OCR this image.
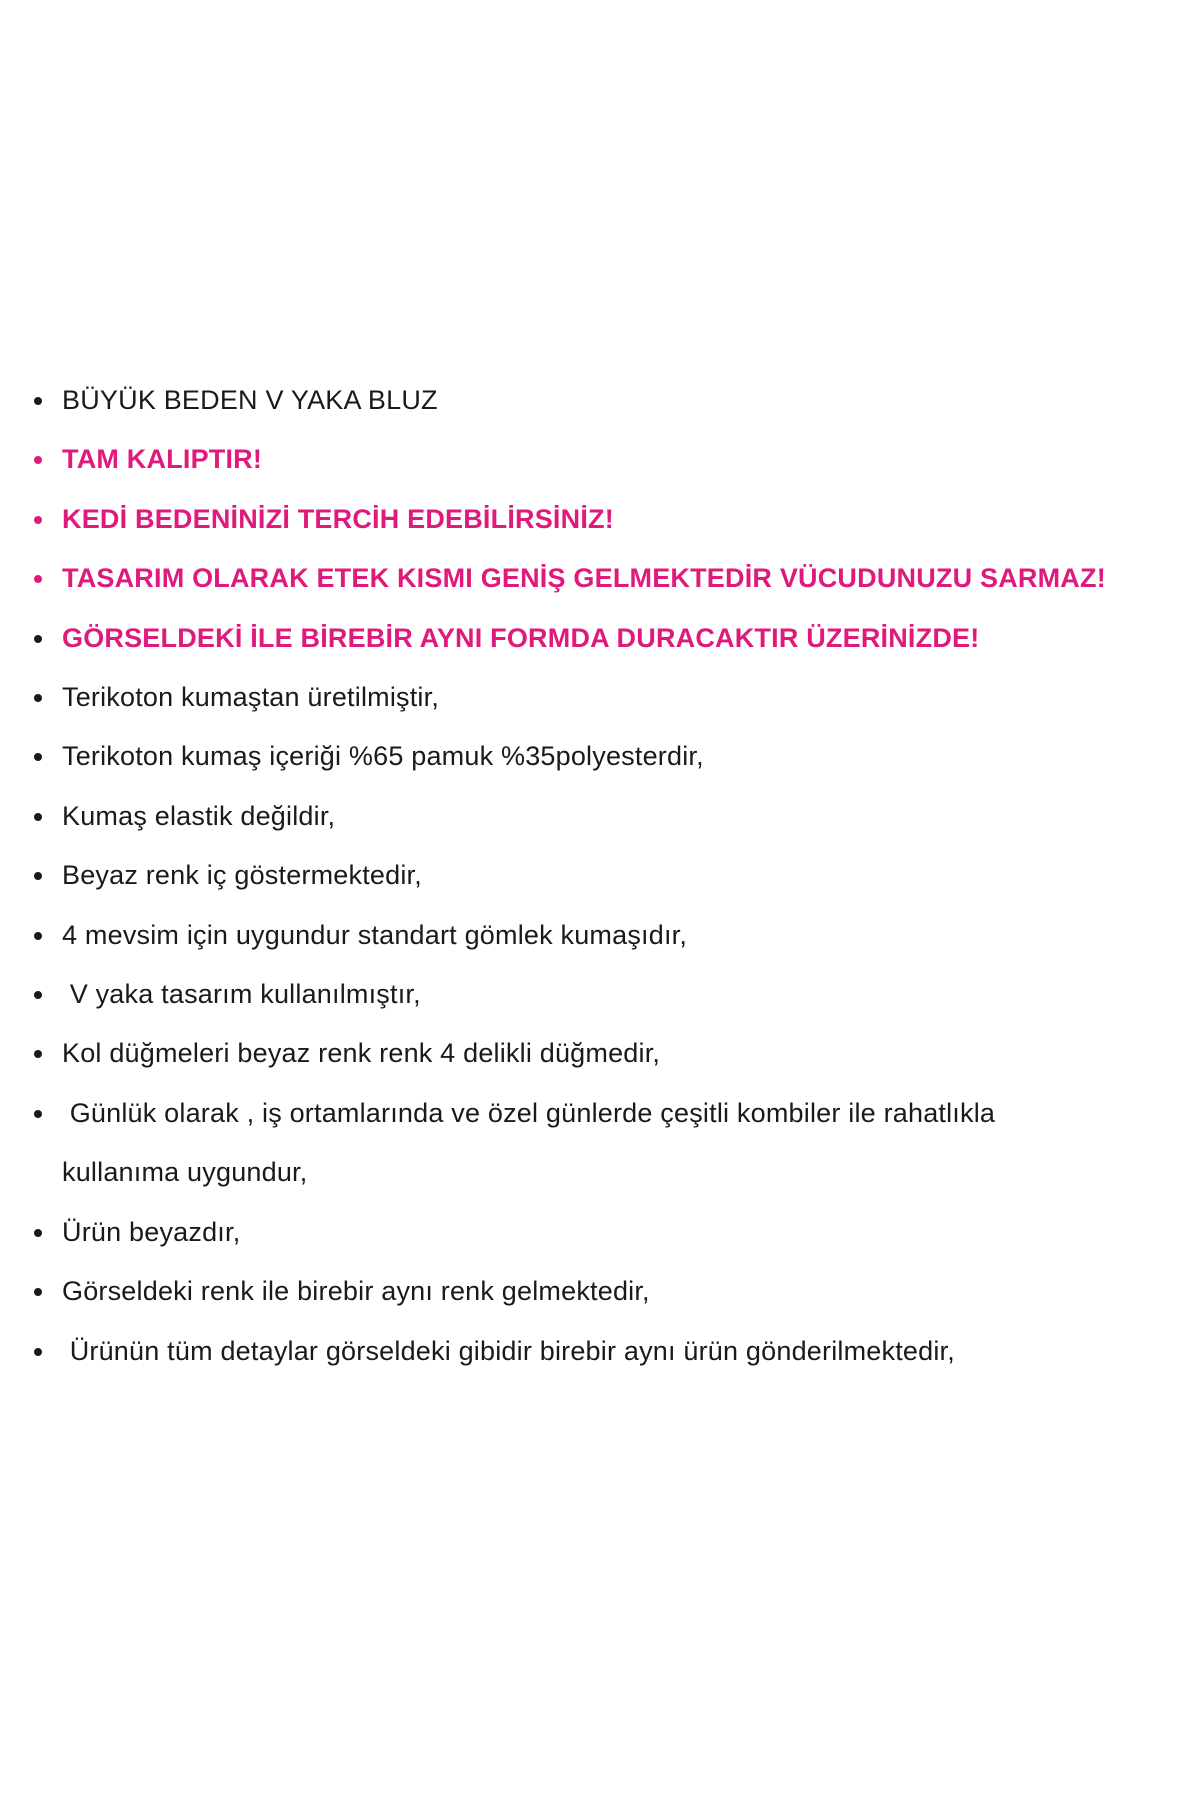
BÜYÜK BEDEN V YAKA BLUZ
TAM KALIPTIR!
KEDİ BEDENİNİZİ TERCİH EDEBİLİRSİNİZ!
TASARIM OLARAK ETEK KISMI GENİŞ GELMEKTEDİR VÜCUDUNUZU SARMAZ!
GÖRSELDEKİ İLE BİREBİR AYNI FORMDA DURACAKTIR ÜZERİNİZDE!
Terikoton kumaştan üretilmiştir,
Terikoton kumaş içeriği %65 pamuk %35polyesterdir,
Kumaş elastik değildir,
Beyaz renk iç göstermektedir,
4 mevsim için uygundur standart gömlek kumaşıdır,
V yaka tasarım kullanılmıştır,
Kol düğmeleri beyaz renk renk 4 delikli düğmedir,
Günlük olarak , iş ortamlarında ve özel günlerde çeşitli kombiler ile rahatlıkla kullanıma uygundur,
Ürün beyazdır,
Görseldeki renk ile birebir aynı renk gelmektedir,
Ürünün tüm detaylar görseldeki gibidir birebir aynı ürün gönderilmektedir,
